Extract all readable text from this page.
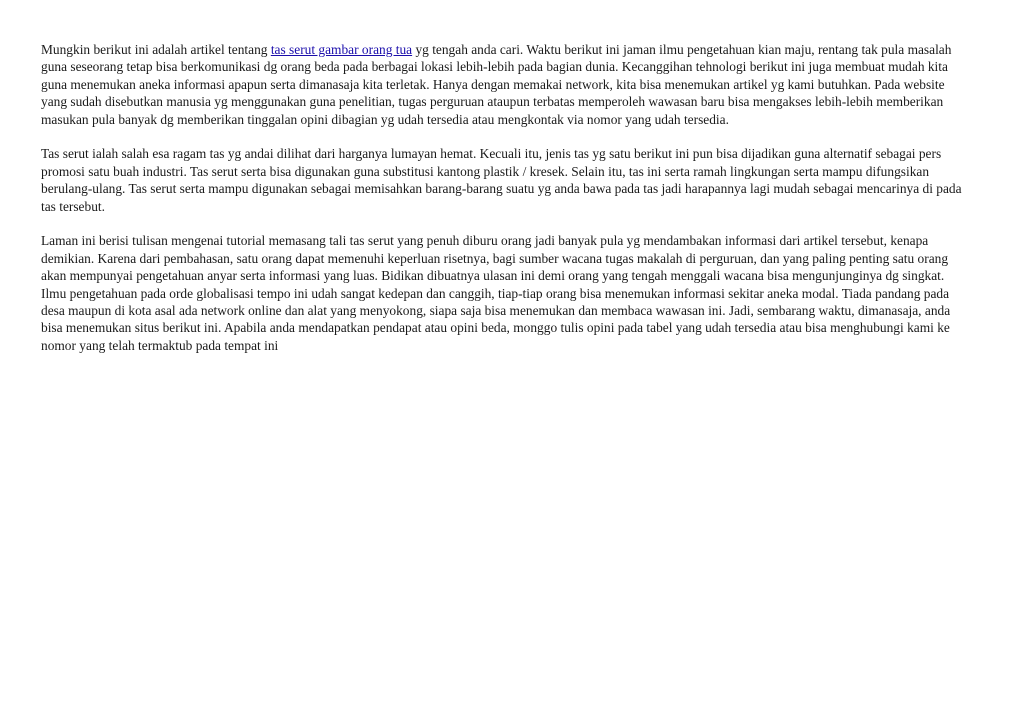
Mungkin berikut ini adalah artikel tentang tas serut gambar orang tua yg tengah anda cari. Waktu berikut ini jaman ilmu pengetahuan kian maju, rentang tak pula masalah guna seseorang tetap bisa berkomunikasi dg orang beda pada berbagai lokasi lebih-lebih pada bagian dunia. Kecanggihan tehnologi berikut ini juga membuat mudah kita guna menemukan aneka informasi apapun serta dimanasaja kita terletak. Hanya dengan memakai network, kita bisa menemukan artikel yg kami butuhkan. Pada website yang sudah disebutkan manusia yg menggunakan guna penelitian, tugas perguruan ataupun terbatas memperoleh wawasan baru bisa mengakses lebih-lebih memberikan masukan pula banyak dg memberikan tinggalan opini dibagian yg udah tersedia atau mengkontak via nomor yang udah tersedia.

Tas serut ialah salah esa ragam tas yg andai dilihat dari harganya lumayan hemat. Kecuali itu, jenis tas yg satu berikut ini pun bisa dijadikan guna alternatif sebagai pers promosi satu buah industri. Tas serut serta bisa digunakan guna substitusi kantong plastik / kresek. Selain itu, tas ini serta ramah lingkungan serta mampu difungsikan berulang-ulang. Tas serut serta mampu digunakan sebagai memisahkan barang-barang suatu yg anda bawa pada tas jadi harapannya lagi mudah sebagai mencarinya di pada tas tersebut.

Laman ini berisi tulisan mengenai tutorial memasang tali tas serut yang penuh diburu orang jadi banyak pula yg mendambakan informasi dari artikel tersebut, kenapa demikian. Karena dari pembahasan, satu orang dapat memenuhi keperluan risetnya, bagi sumber wacana tugas makalah di perguruan, dan yang paling penting satu orang akan mempunyai pengetahuan anyar serta informasi yang luas. Bidikan dibuatnya ulasan ini demi orang yang tengah menggali wacana bisa mengunjunginya dg singkat. Ilmu pengetahuan pada orde globalisasi tempo ini udah sangat kedepan dan canggih, tiap-tiap orang bisa menemukan informasi sekitar aneka modal. Tiada pandang pada desa maupun di kota asal ada network online dan alat yang menyokong, siapa saja bisa menemukan dan membaca wawasan ini. Jadi, sembarang waktu, dimanasaja, anda bisa menemukan situs berikut ini. Apabila anda mendapatkan pendapat atau opini beda, monggo tulis opini pada tabel yang udah tersedia atau bisa menghubungi kami ke nomor yang telah termaktub pada tempat ini
